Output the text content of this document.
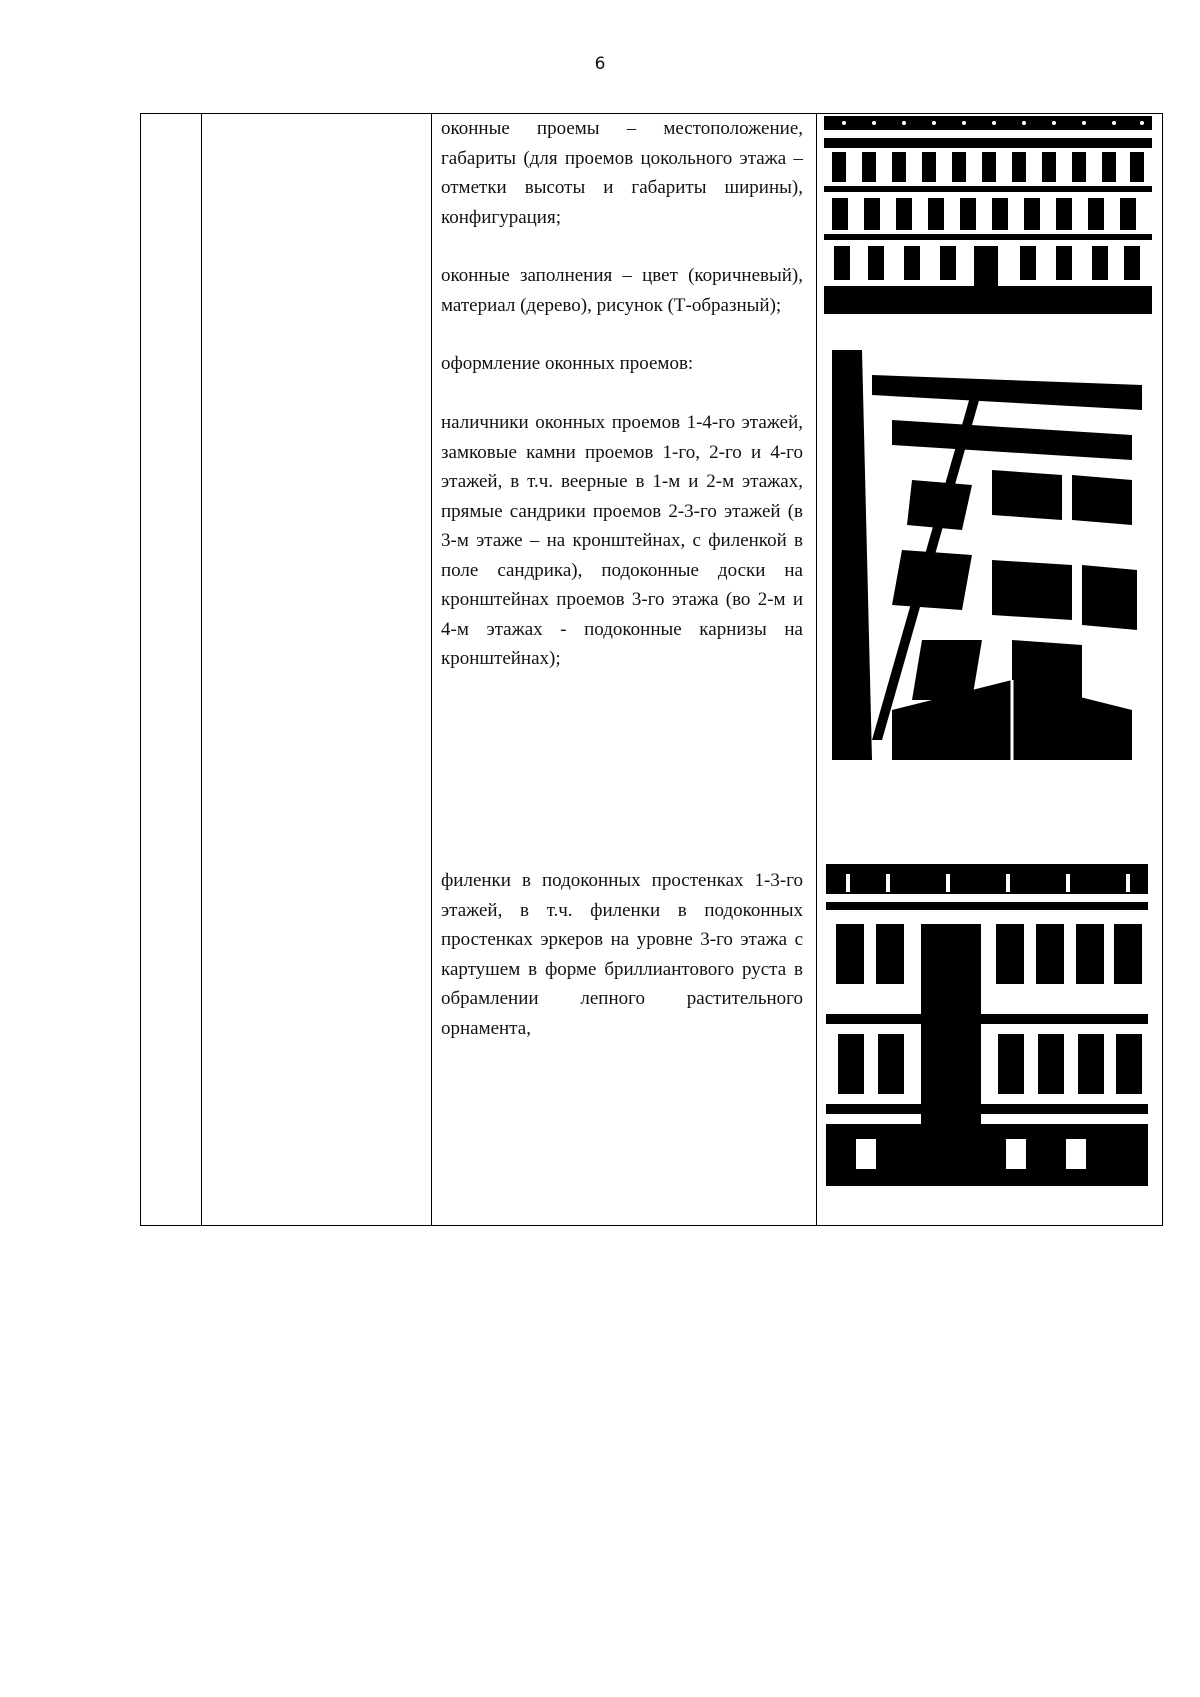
6
оконные проемы – местоположение, габариты (для проемов цокольного этажа – отметки высоты и габариты ширины), конфигурация;
оконные заполнения – цвет (коричневый), материал (дерево), рисунок (Т-образный);
оформление оконных проемов:
наличники оконных проемов 1-4-го этажей, замковые камни проемов 1-го, 2-го и 4-го этажей, в т.ч. веерные в 1-м и 2-м этажах, прямые сандрики проемов 2-3-го этажей (в 3-м этаже – на кронштейнах, с филенкой в поле сандрика), подоконные доски на кронштейнах проемов 3-го этажа (во 2-м и 4-м этажах - подоконные карнизы на кронштейнах);
филенки в подоконных простенках 1-3-го этажей, в т.ч. филенки в подоконных простенках эркеров на уровне 3-го этажа с картушем в форме бриллиантового руста в обрамлении лепного растительного орнамента,
